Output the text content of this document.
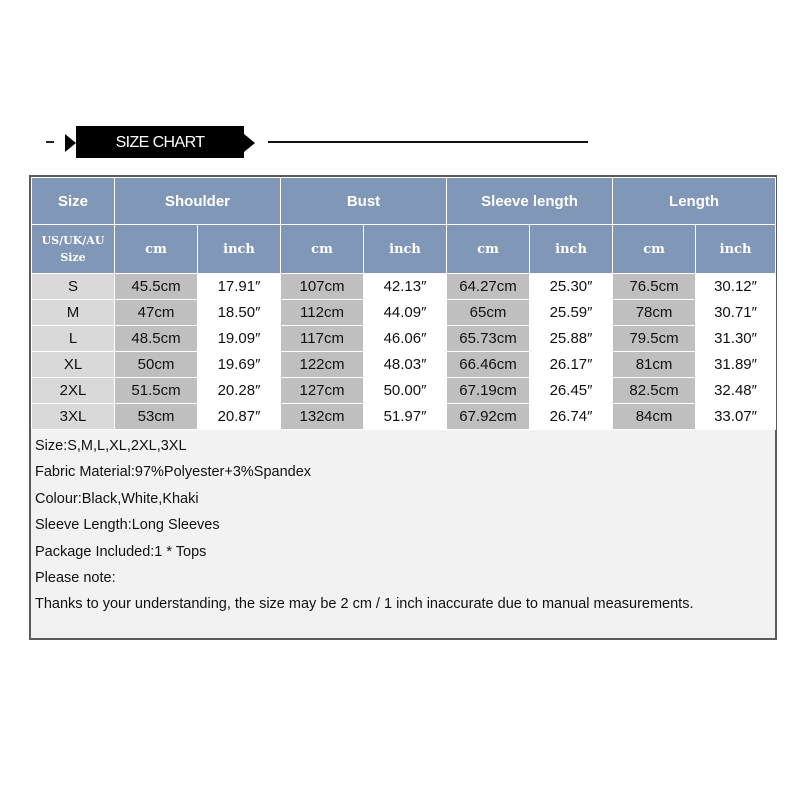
SIZE CHART
Size	Shoulder		Bust		Sleeve length		Length	
US/UK/AU Size	cm	inch	cm	inch	cm	inch	cm	inch
S	45.5cm	17.91″	107cm	42.13″	64.27cm	25.30″	76.5cm	30.12″
M	47cm	18.50″	112cm	44.09″	65cm	25.59″	78cm	30.71″
L	48.5cm	19.09″	117cm	46.06″	65.73cm	25.88″	79.5cm	31.30″
XL	50cm	19.69″	122cm	48.03″	66.46cm	26.17″	81cm	31.89″
2XL	51.5cm	20.28″	127cm	50.00″	67.19cm	26.45″	82.5cm	32.48″
3XL	53cm	20.87″	132cm	51.97″	67.92cm	26.74″	84cm	33.07″
Size:S,M,L,XL,2XL,3XL
Fabric Material:97%Polyester+3%Spandex
Colour:Black,White,Khaki
Sleeve Length:Long Sleeves
Package Included:1 * Tops
Please note:
Thanks to your understanding, the size may be 2 cm / 1 inch inaccurate due to manual measurements.
